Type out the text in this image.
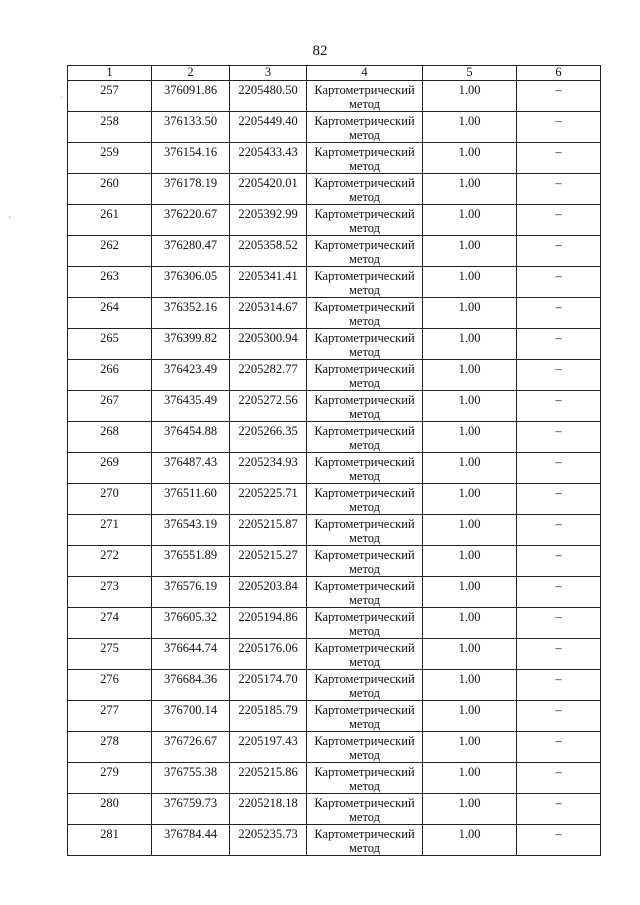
82
·
·
1	2	3	4	5	6
257	376091.86	2205480.50	Картометрический метод	1.00	–
258	376133.50	2205449.40	Картометрический метод	1.00	–
259	376154.16	2205433.43	Картометрический метод	1.00	–
260	376178.19	2205420.01	Картометрический метод	1.00	–
261	376220.67	2205392.99	Картометрический метод	1.00	–
262	376280.47	2205358.52	Картометрический метод	1.00	–
263	376306.05	2205341.41	Картометрический метод	1.00	–
264	376352.16	2205314.67	Картометрический метод	1.00	–
265	376399.82	2205300.94	Картометрический метод	1.00	–
266	376423.49	2205282.77	Картометрический метод	1.00	–
267	376435.49	2205272.56	Картометрический метод	1.00	–
268	376454.88	2205266.35	Картометрический метод	1.00	–
269	376487.43	2205234.93	Картометрический метод	1.00	–
270	376511.60	2205225.71	Картометрический метод	1.00	–
271	376543.19	2205215.87	Картометрический метод	1.00	–
272	376551.89	2205215.27	Картометрический метод	1.00	–
273	376576.19	2205203.84	Картометрический метод	1.00	–
274	376605.32	2205194.86	Картометрический метод	1.00	–
275	376644.74	2205176.06	Картометрический метод	1.00	–
276	376684.36	2205174.70	Картометрический метод	1.00	–
277	376700.14	2205185.79	Картометрический метод	1.00	–
278	376726.67	2205197.43	Картометрический метод	1.00	–
279	376755.38	2205215.86	Картометрический метод	1.00	–
280	376759.73	2205218.18	Картометрический метод	1.00	–
281	376784.44	2205235.73	Картометрический метод	1.00	–
